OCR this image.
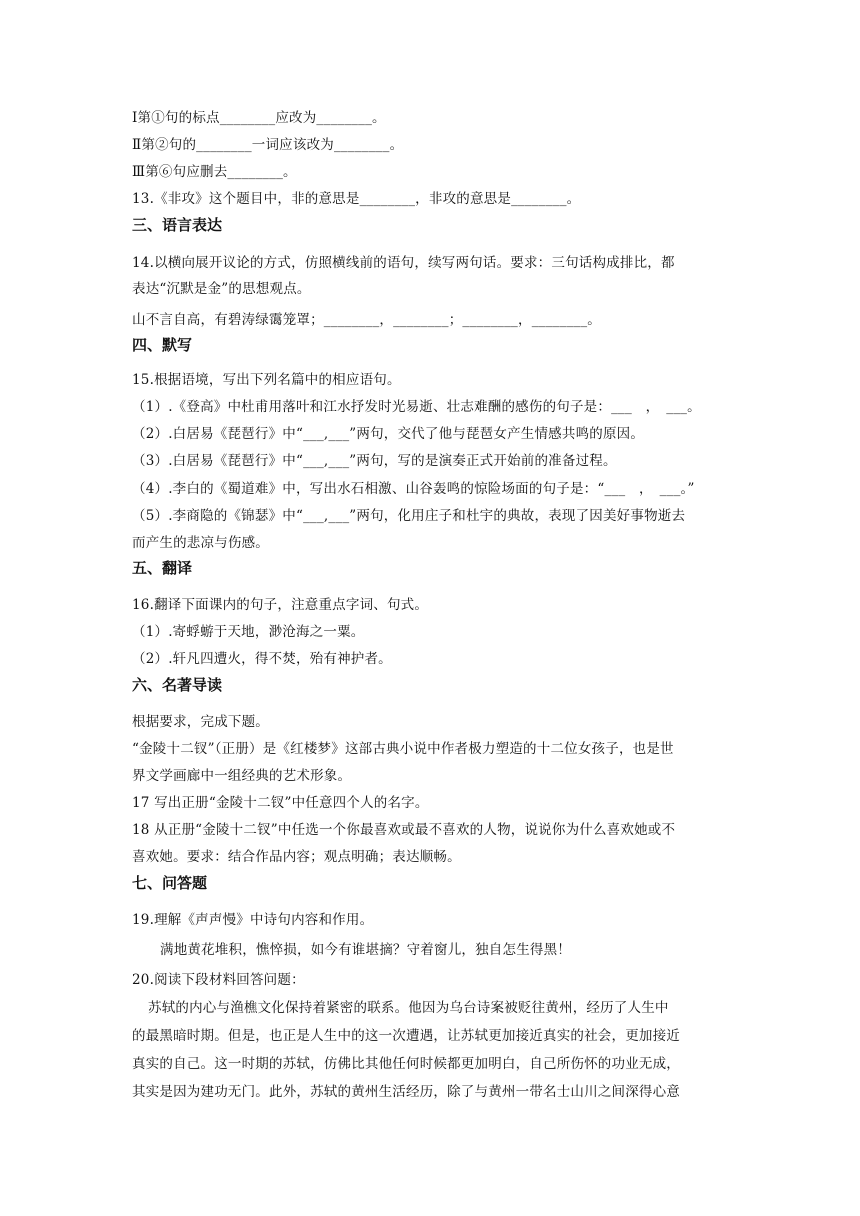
Ⅰ第①句的标点________应改为________。
Ⅱ第②句的________一词应该改为________。
Ⅲ第⑥句应删去________。
13.《非攻》这个题目中，非的意思是________，非攻的意思是________。
三、语言表达
14.以横向展开议论的方式，仿照横线前的语句，续写两句话。要求：三句话构成排比，都
表达“沉默是金”的思想观点。
山不言自高，有碧涛绿霭笼罩；________，________；________，________。
四、默写
15.根据语境，写出下列名篇中的相应语句。
（1）.《登高》中杜甫用落叶和江水抒发时光易逝、壮志难酬的感伤的句子是：___　，　___。
（2）.白居易《琵琶行》中“___,___”两句，交代了他与琵琶女产生情感共鸣的原因。
（3）.白居易《琵琶行》中“___,___”两句，写的是演奏正式开始前的准备过程。
（4）.李白的《蜀道难》中，写出水石相激、山谷轰鸣的惊险场面的句子是：“___　，　___。”
（5）.李商隐的《锦瑟》中“___,___”两句，化用庄子和杜宇的典故，表现了因美好事物逝去
而产生的悲凉与伤感。
五、翻译
16.翻译下面课内的句子，注意重点字词、句式。
（1）.寄蜉蝣于天地，渺沧海之一粟。
（2）.轩凡四遭火，得不焚，殆有神护者。
六、名著导读
根据要求，完成下题。
“金陵十二钗”（正册）是《红楼梦》这部古典小说中作者极力塑造的十二位女孩子，也是世
界文学画廊中一组经典的艺术形象。
17 写出正册“金陵十二钗”中任意四个人的名字。
18 从正册“金陵十二钗”中任选一个你最喜欢或最不喜欢的人物，说说你为什么喜欢她或不
喜欢她。要求：结合作品内容；观点明确；表达顺畅。
七、问答题
19.理解《声声慢》中诗句内容和作用。
满地黄花堆积，憔悴损，如今有谁堪摘？守着窗儿，独自怎生得黑！
20.阅读下段材料回答问题：
苏轼的内心与渔樵文化保持着紧密的联系。他因为乌台诗案被贬往黄州，经历了人生中
的最黑暗时期。但是，也正是人生中的这一次遭遇，让苏轼更加接近真实的社会，更加接近
真实的自己。这一时期的苏轼，仿佛比其他任何时候都更加明白，自己所伤怀的功业无成，
其实是因为建功无门。此外，苏轼的黄州生活经历，除了与黄州一带名士山川之间深得心意
